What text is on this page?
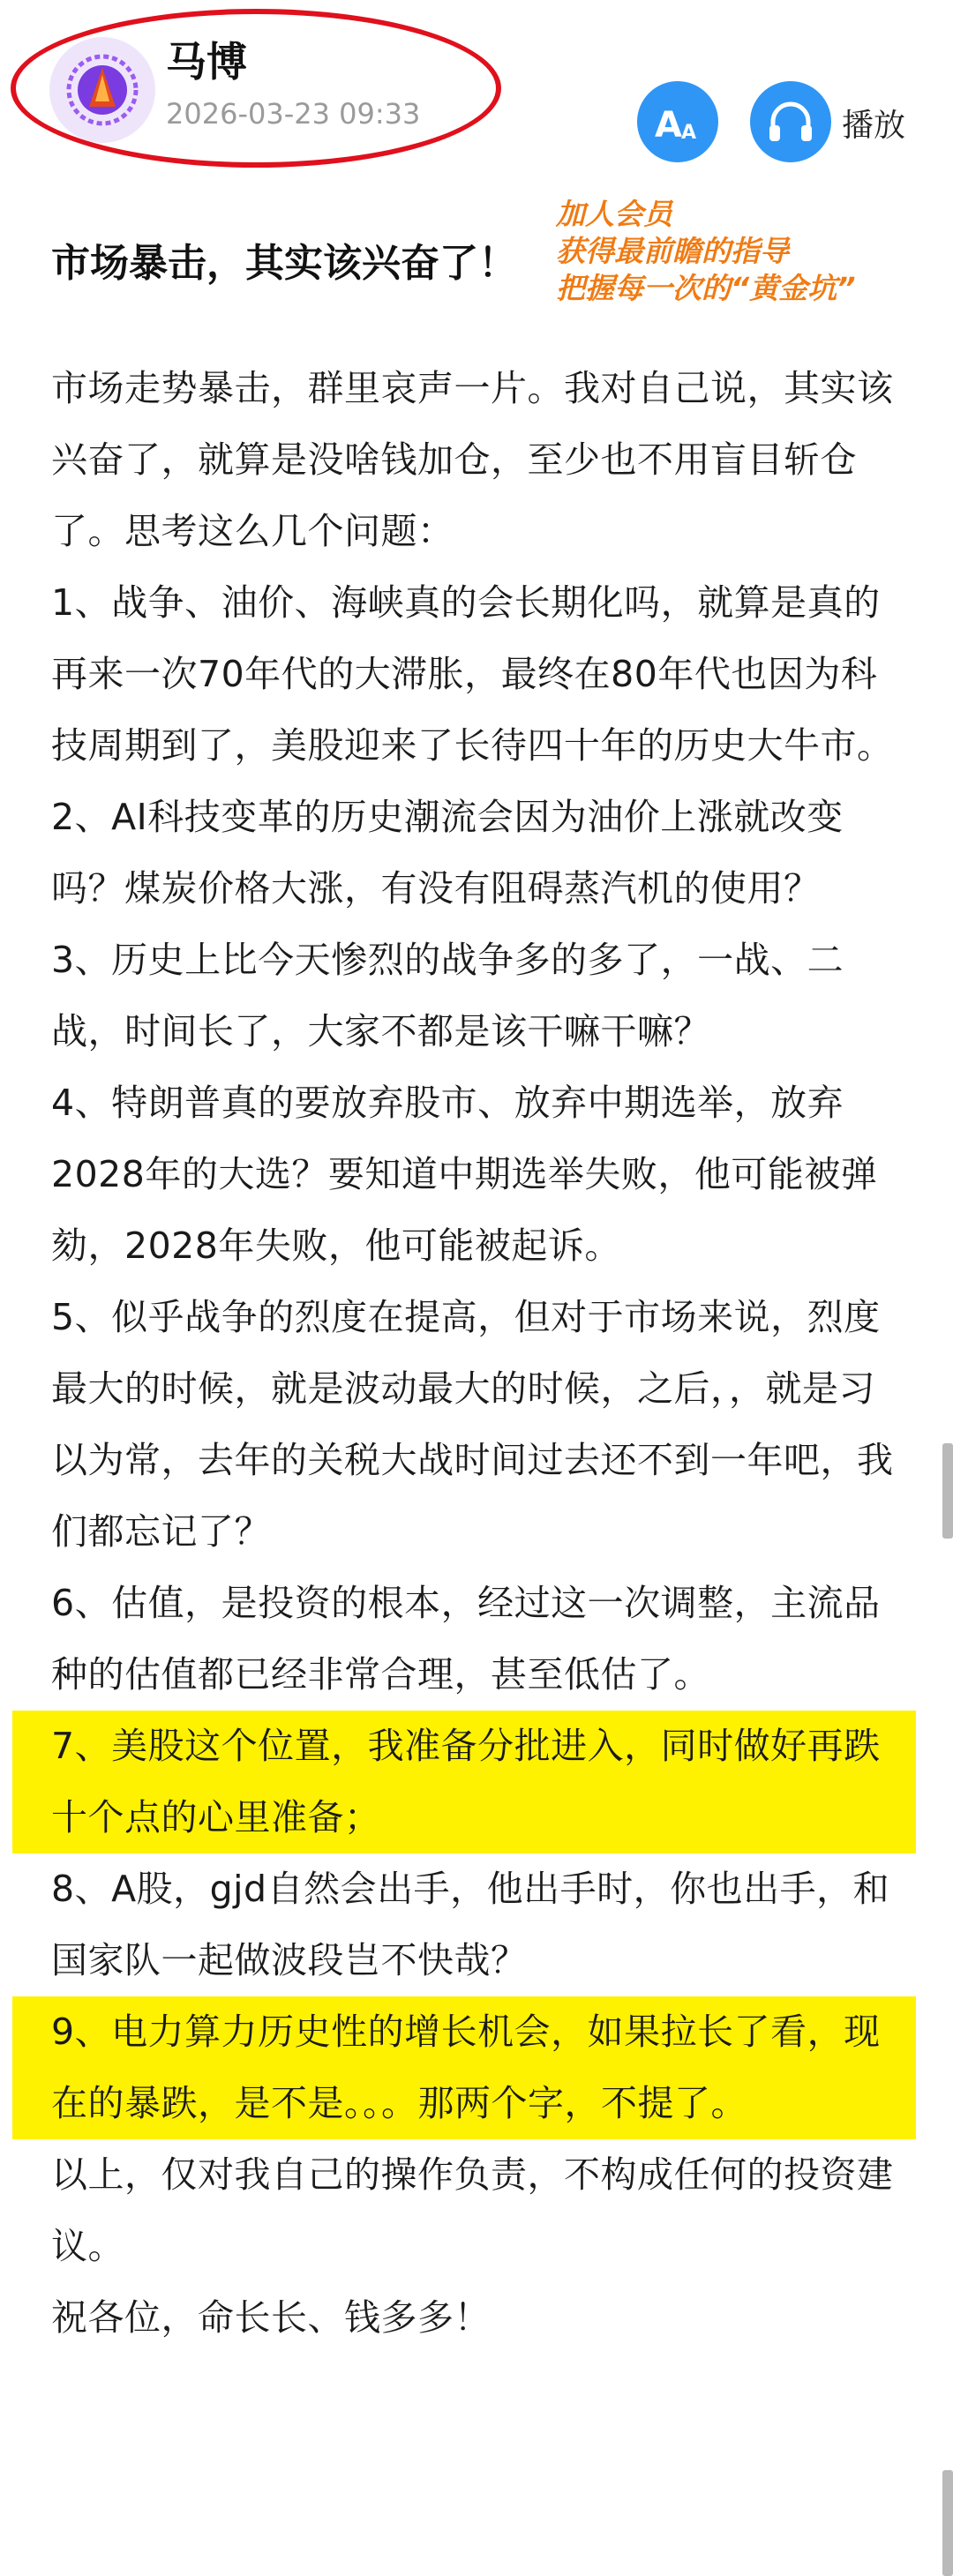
马博
2026-03-23 09:33	A A	播放
市场暴击，其实该兴奋了！
加人会员
获得最前瞻的指导
把握每一次的“黄金坑”
市场走势暴击，群里哀声一片。我对自己说，其实该兴奋了，就算是没啥钱加仓，至少也不用盲目斩仓了。思考这么几个问题：
1、战争、油价、海峡真的会长期化吗，就算是真的再来一次70年代的大滞胀，最终在80年代也因为科技周期到了，美股迎来了长待四十年的历史大牛市。
2、AI科技变革的历史潮流会因为油价上涨就改变吗？煤炭价格大涨，有没有阻碍蒸汽机的使用？
3、历史上比今天惨烈的战争多的多了，一战、二战，时间长了，大家不都是该干嘛干嘛？
4、特朗普真的要放弃股市、放弃中期选举，放弃2028年的大选？要知道中期选举失败，他可能被弹劾，2028年失败，他可能被起诉。
5、似乎战争的烈度在提高，但对于市场来说，烈度最大的时候，就是波动最大的时候，之后，，就是习以为常，去年的关税大战时间过去还不到一年吧，我们都忘记了？
6、估值，是投资的根本，经过这一次调整，主流品种的估值都已经非常合理，甚至低估了。
7、美股这个位置，我准备分批进入，同时做好再跌十个点的心里准备；
8、A股，gjd自然会出手，他出手时，你也出手，和国家队一起做波段岂不快哉？
9、电力算力历史性的增长机会，如果拉长了看，现在的暴跌，是不是。。。那两个字，不提了。
以上，仅对我自己的操作负责，不构成任何的投资建议。
祝各位，命长长、钱多多！
